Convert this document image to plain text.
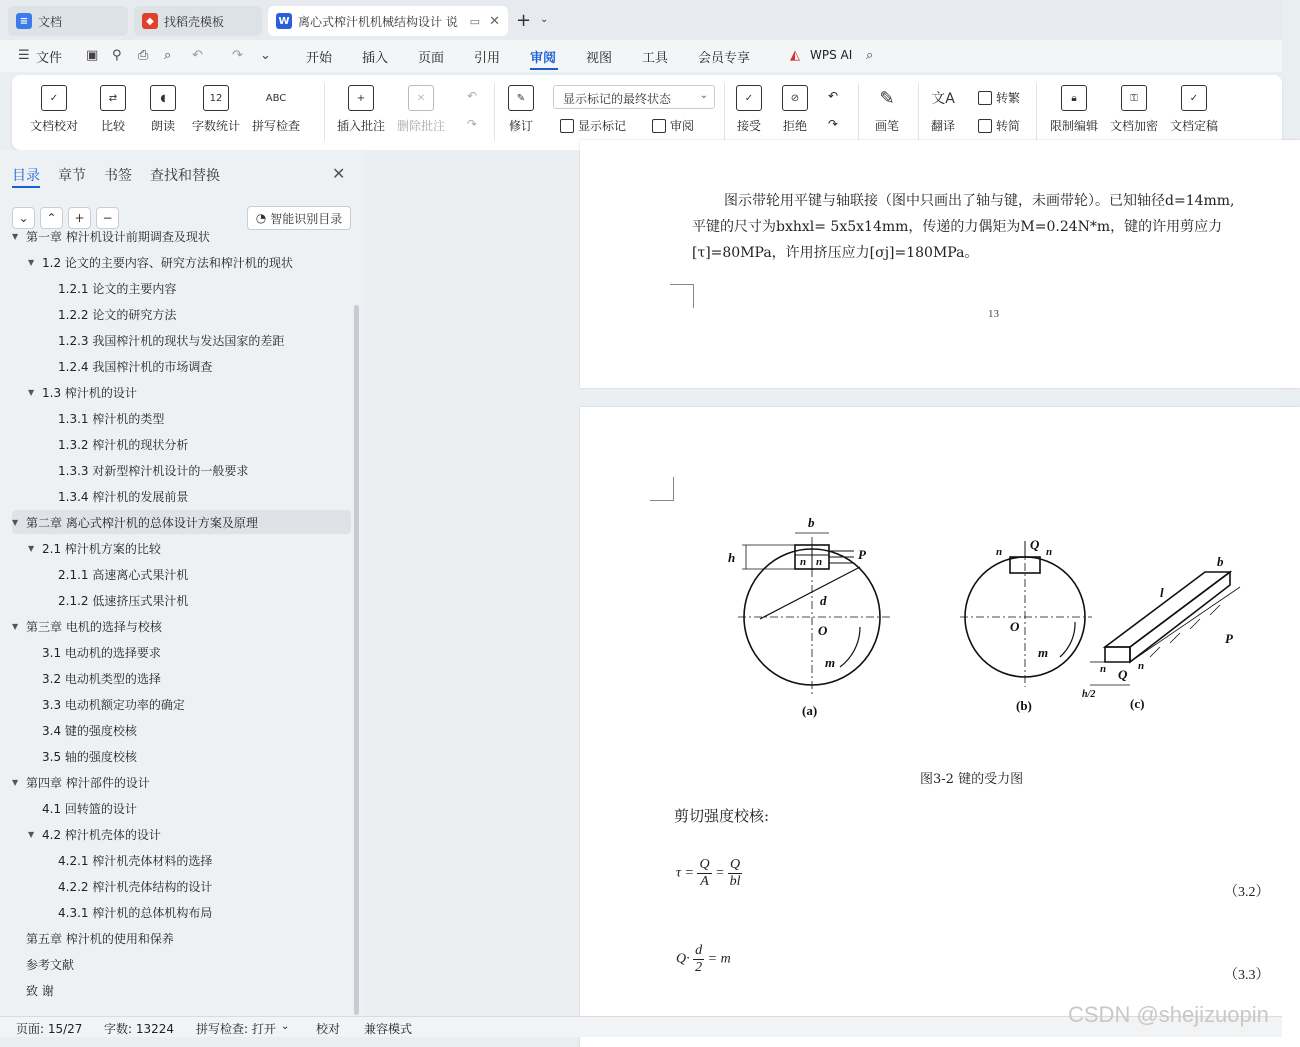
≡ 文档	◆ 找稻壳模板	W 离心式榨汁机机械结构设计 说 ▭ ✕ + ⌄
☰ 文件 ▣ ⚲ ⎙ ⌕ ↶ ↷ ⌄	开始 插入 页面 引用 审阅 视图 工具 会员专享	◭ WPS AI ⌕
✓
文档校对
⇄
比较
◖
朗读
12
字数统计
ABC
拼写检查
+
插入批注
✕
删除批注
↶
↷
✎
修订
显示标记的最终状态	⌄
显示标记	审阅
✓
接受
⊘
拒绝
↶
↷
✎
画笔
文A
翻译
转繁
转简
🔒︎
限制编辑
⚿
文档加密
✓
文档定稿
目录 章节 书签 查找和替换	✕
⌄	⌃	+	−	◔ 智能识别目录
▼ 第一章 榨汁机设计前期调查及现状
▼ 1.2 论文的主要内容、研究方法和榨汁机的现状
1.2.1 论文的主要内容
1.2.2 论文的研究方法
1.2.3 我国榨汁机的现状与发达国家的差距
1.2.4 我国榨汁机的市场调查
▼ 1.3 榨汁机的设计
1.3.1 榨汁机的类型
1.3.2 榨汁机的现状分析
1.3.3 对新型榨汁机设计的一般要求
1.3.4 榨汁机的发展前景
▼ 第二章 离心式榨汁机的总体设计方案及原理
▼ 2.1 榨汁机方案的比较
2.1.1 高速离心式果汁机
2.1.2 低速挤压式果汁机
▼ 第三章 电机的选择与校核
3.1 电动机的选择要求
3.2 电动机类型的选择
3.3 电动机额定功率的确定
3.4 键的强度校核
3.5 轴的强度校核
▼ 第四章 榨汁部件的设计
4.1 回转篮的设计
▼ 4.2 榨汁机壳体的设计
4.2.1 榨汁机壳体材料的选择
4.2.2 榨汁机壳体结构的设计
4.3.1 榨汁机的总体机构布局
第五章 榨汁机的使用和保养
参考文献
致 谢
图示带轮用平键与轴联接（图中只画出了轴与键，未画带轮）。已知轴径d=14mm,
平键的尺寸为bxhxl= 5x5x14mm，传递的力偶矩为M=0.24N*m，键的许用剪应力
[τ]=80MPa，许用挤压应力[σj]=180MPa。
13
b
h	P
n n
d
O
m
(a)
Q
n	n
O
m
(b)
b
l
P
Q
n	n
h/2
(c)
图3-2 键的受力图
剪切强度校核:
$\tau = \frac{Q}{A} = \frac{Q}{bl}$
（3.2）
$Q\cdot \frac{d}{2} = m$
（3.3）
页面: 15/27 字数: 13224 拼写检查: 打开 ⌄ 校对 兼容模式
CSDN @shejizuopin
